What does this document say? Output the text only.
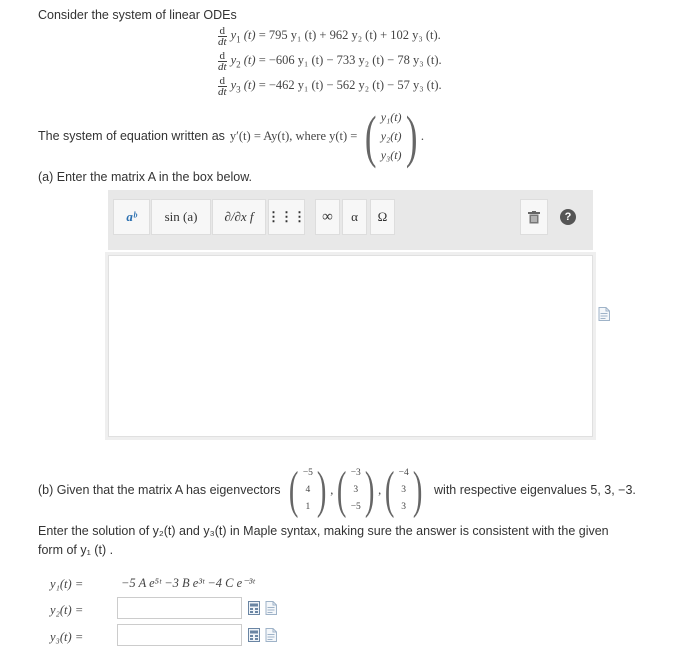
Consider the system of linear ODEs
d
dt $y_1$ (t) = 795 y₁ (t) + 962 y₂ (t) + 102 y₃ (t).
d
dt $y_2$ (t) = −606 y₁ (t) − 733 y₂ (t) − 78 y₃ (t).
d
dt $y_3$ (t) = −462 y₁ (t) − 562 y₂ (t) − 57 y₃ (t).
The system of equation written as y′(t) = Ay(t), where y(t) = ( y₁(t)
y₂(t)
y₃(t) ) .
(a) Enter the matrix A in the box below.
aᵇ sin (a) ∂/∂x f ⋮⋮⋮ ∞ α Ω	?
(b) Given that the matrix A has eigenvectors ( −5
4
1 ) , ( −3
3
−5 ) , ( −4
3
3 ) with respective eigenvalues 5, 3, −3.
Enter the solution of y₂(t) and y₃(t) in Maple syntax, making sure the answer is consistent with the given
form of y₁ (t) .
y₁(t) =	−5 A e⁵ᵗ −3 B e³ᵗ −4 C e⁻³ᵗ
y₂(t) =
y₃(t) =
